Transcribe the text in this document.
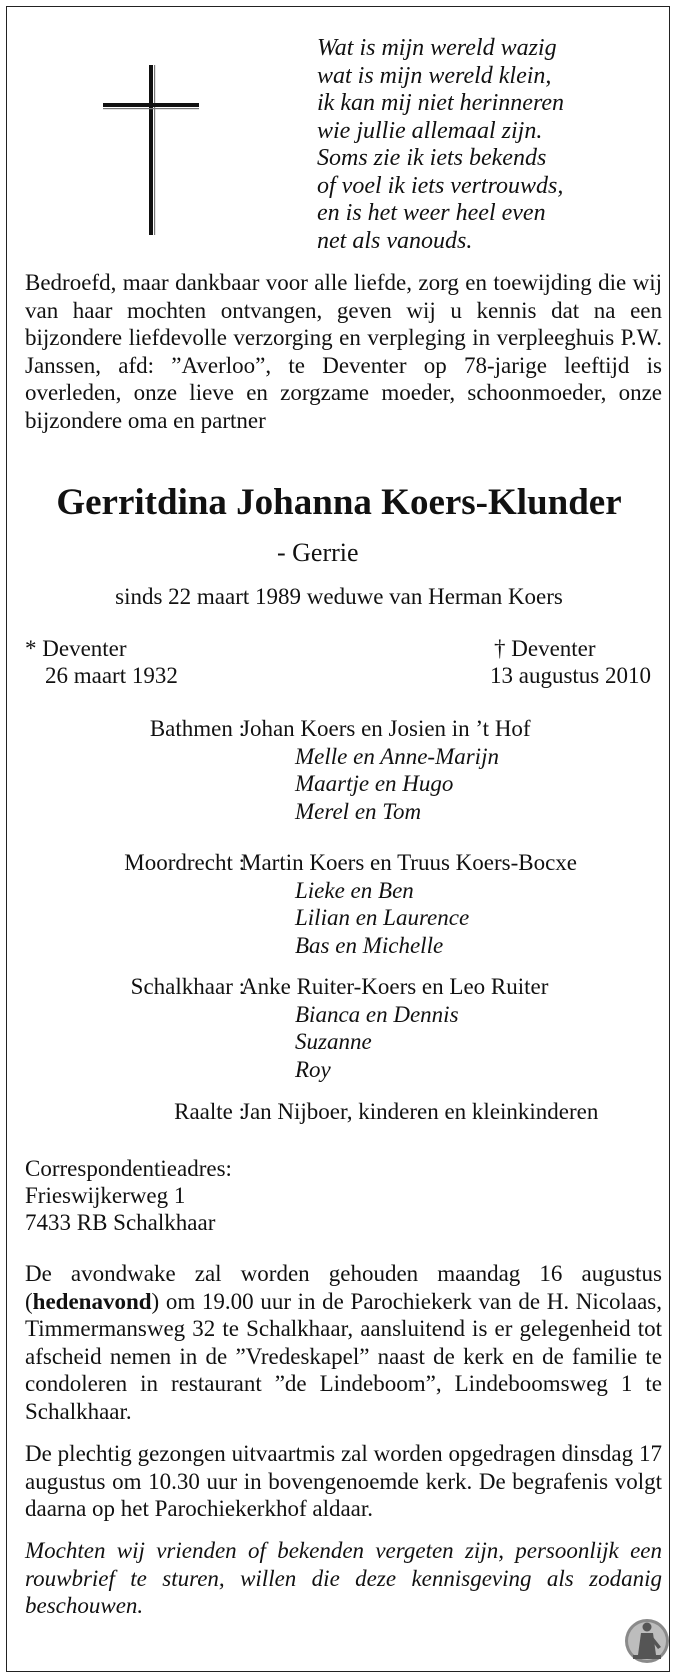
Wat is mijn wereld wazig
wat is mijn wereld klein,
ik kan mij niet herinneren
wie jullie allemaal zijn.
Soms zie ik iets bekends
of voel ik iets vertrouwds,
en is het weer heel even
net als vanouds.

Bedroefd, maar dankbaar voor alle liefde, zorg en toewijding die wij van haar mochten ontvangen, geven wij u kennis dat na een bijzondere liefdevolle verzorging en verpleging in verpleeghuis P.W. Janssen, afd: ”Averloo”, te Deventer op 78-jarige leeftijd is overleden, onze lieve en zorgzame moeder, schoonmoeder, onze bijzondere oma en partner

Gerritdina Johanna Koers-Klunder
- Gerrie
sinds 22 maart 1989 weduwe van Herman Koers
* Deventer
26 maart 1932
† Deventer
13 augustus 2010
Bathmen :
Johan Koers en Josien in ’t Hof
Melle en Anne-Marijn
Maartje en Hugo
Merel en Tom
Moordrecht :
Martin Koers en Truus Koers-Bocxe
Lieke en Ben
Lilian en Laurence
Bas en Michelle
Schalkhaar :
Anke Ruiter-Koers en Leo Ruiter
Bianca en Dennis
Suzanne
Roy
Raalte :
Jan Nijboer, kinderen en kleinkinderen
Correspondentieadres:
Frieswijkerweg 1
7433 RB Schalkhaar

De avondwake zal worden gehouden maandag 16 augustus (hedenavond) om 19.00 uur in de Parochiekerk van de H. Nicolaas, Timmermansweg 32 te Schalkhaar, aansluitend is er gelegenheid tot afscheid nemen in de ”Vredeskapel” naast de kerk en de familie te condoleren in restaurant ”de Lindeboom”, Lindeboomsweg 1 te Schalkhaar.

De plechtig gezongen uitvaartmis zal worden opgedragen dinsdag 17 augustus om 10.30 uur in bovengenoemde kerk. De begrafenis volgt daarna op het Parochiekerkhof aldaar.

Mochten wij vrienden of bekenden vergeten zijn, persoonlijk een rouwbrief te sturen, willen die deze kennisgeving als zodanig beschouwen.
